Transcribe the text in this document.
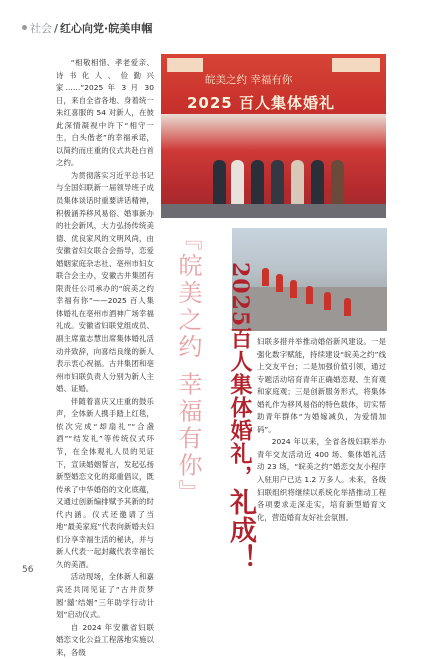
社会 / 红心向党·皖美申帼

“相敬相惜、孝老爱亲、诗书化人、俭勤兴家……”2025 年 3 月 30 日，来自全省各地、身着统一朱红喜服的 54 对新人，在彼此深情凝视中许下“相守一生，白头偕老”的幸福承诺，以简约而庄重的仪式共赴白首之约。

为贯彻落实习近平总书记与全国妇联新一届领导班子成员集体谈话时重要讲话精神，积极涵养移风易俗、婚事新办的社会新风，大力弘扬传统美德、优良家风的文明风尚，由安徽省妇女联合会指导，恋爱婚姻家庭杂志社、亳州市妇女联合会主办，安徽古井集团有限责任公司承办的“皖美之约 幸福有你”——2025 百人集体婚礼在亳州市酒神广场幸福礼成。安徽省妇联党组成员、副主席童志慧出席集体婚礼活动并致辞，向喜结良缘的新人表示衷心祝福。古井集团和亳州市妇联负责人分别为新人主婚、证婚。

伴随着喜庆又庄重的鼓乐声，全体新人携手踏上红毯，依次完成“却扇礼”“合盏酒”“结发礼”等传统仪式环节，在全体观礼人员的见证下，宣读婚姻誓言，发起弘扬新型婚恋文化的郑重倡议，既传承了中华婚俗的文化底蕴，又通过创新编排赋予其新的时代内涵。仪式还邀请了当地“最美家庭”代表向新婚夫妇们分享幸福生活的秘诀，并与新人代表一起封藏代表幸福长久的美酒。

活动现场，全体新人和嘉宾还共同见证了“古井贡梦圆‘囍’结姻”三年助学行动计划”启动仪式。

自 2024 年安徽省妇联婚恋文化公益工程落地实施以来，各级

皖美之约 幸福有你
2025 百人集体婚礼
『皖美之约 幸福有你』	2025百人集体婚礼，礼成！

妇联多措并举推动婚俗新风建设。一是强化数字赋能，持续建设“皖美之约”线上交友平台；二是加强价值引领，通过专题活动培育青年正确婚恋观、生育观和家庭观；三是创新服务形式，将集体婚礼作为移风易俗的特色载体，切实帮助青年群体“为婚嫁减负，为爱情加码”。

2024 年以来，全省各级妇联举办青年交友活动近 400 场、集体婚礼活动 23 场，“皖美之约”婚恋交友小程序入驻用户已达 1.2 万多人。未来，各级妇联组织将继续以系统化举措推动工程各项要求走深走实，培育新型婚育文化，营造婚育友好社会氛围。

56
